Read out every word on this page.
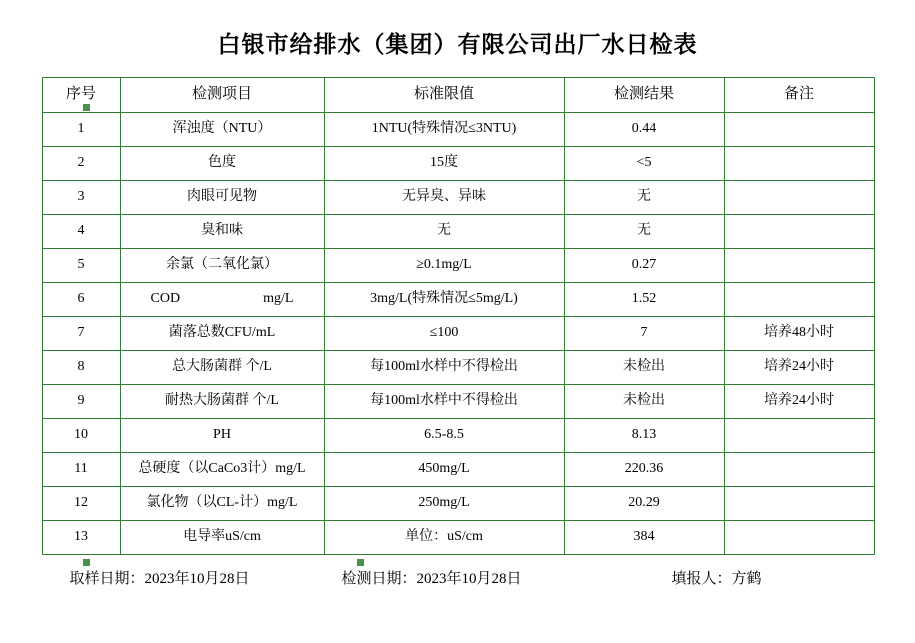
白银市给排水（集团）有限公司出厂水日检表
序号	检测项目	标准限值	检测结果	备注
1	浑浊度（NTU）	1NTU(特殊情况≤3NTU)	0.44	
2	色度	15度	<5	
3	肉眼可见物	无异臭、异味	无	
4	臭和味	无	无	
5	余氯（二氧化氯）	≥0.1mg/L	0.27	
6	COD mg/L	3mg/L(特殊情况≤5mg/L)	1.52	
7	菌落总数CFU/mL	≤100	7	培养48小时
8	总大肠菌群 个/L	每100ml水样中不得检出	未检出	培养24小时
9	耐热大肠菌群 个/L	每100ml水样中不得检出	未检出	培养24小时
10	PH	6.5-8.5	8.13	
11	总硬度（以CaCo3计）mg/L	450mg/L	220.36	
12	氯化物（以CL-计）mg/L	250mg/L	20.29	
13	电导率uS/cm	单位：uS/cm	384	
取样日期：2023年10月28日	检测日期：2023年10月28日	填报人：方鹤
